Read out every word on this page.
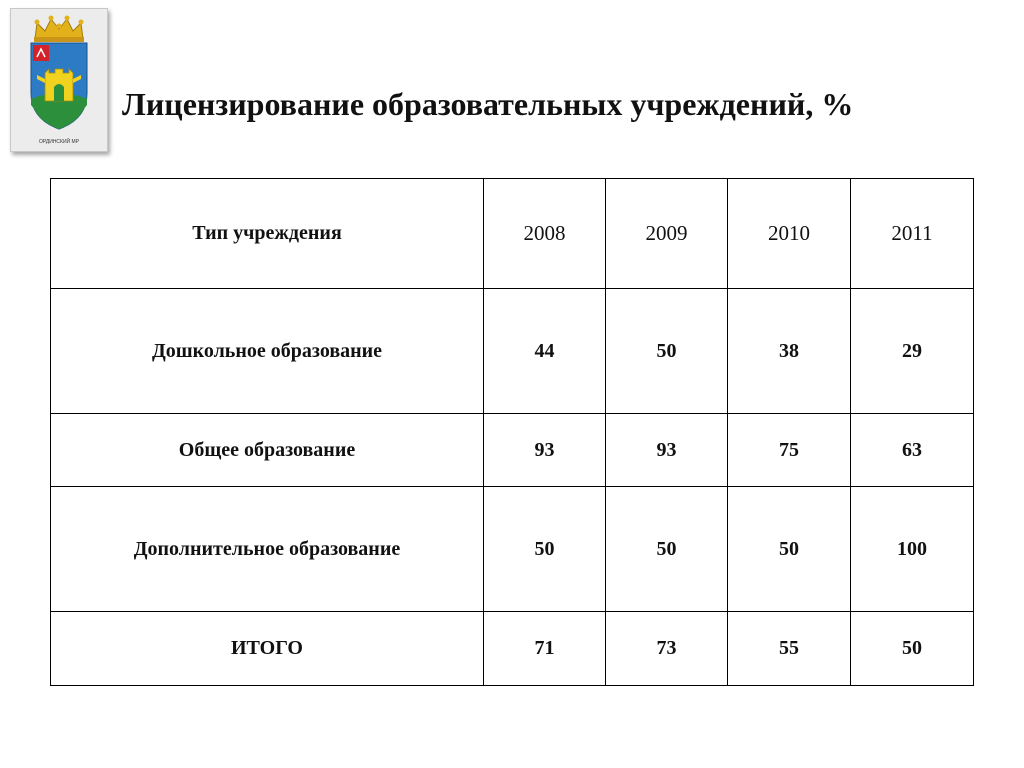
ОРДИНСКИЙ МР
Лицензирование образовательных учреждений, %
Тип учреждения	2008	2009	2010	2011
Дошкольное образование	44	50	38	29
Общее образование	93	93	75	63
Дополнительное образование	50	50	50	100
ИТОГО	71	73	55	50
